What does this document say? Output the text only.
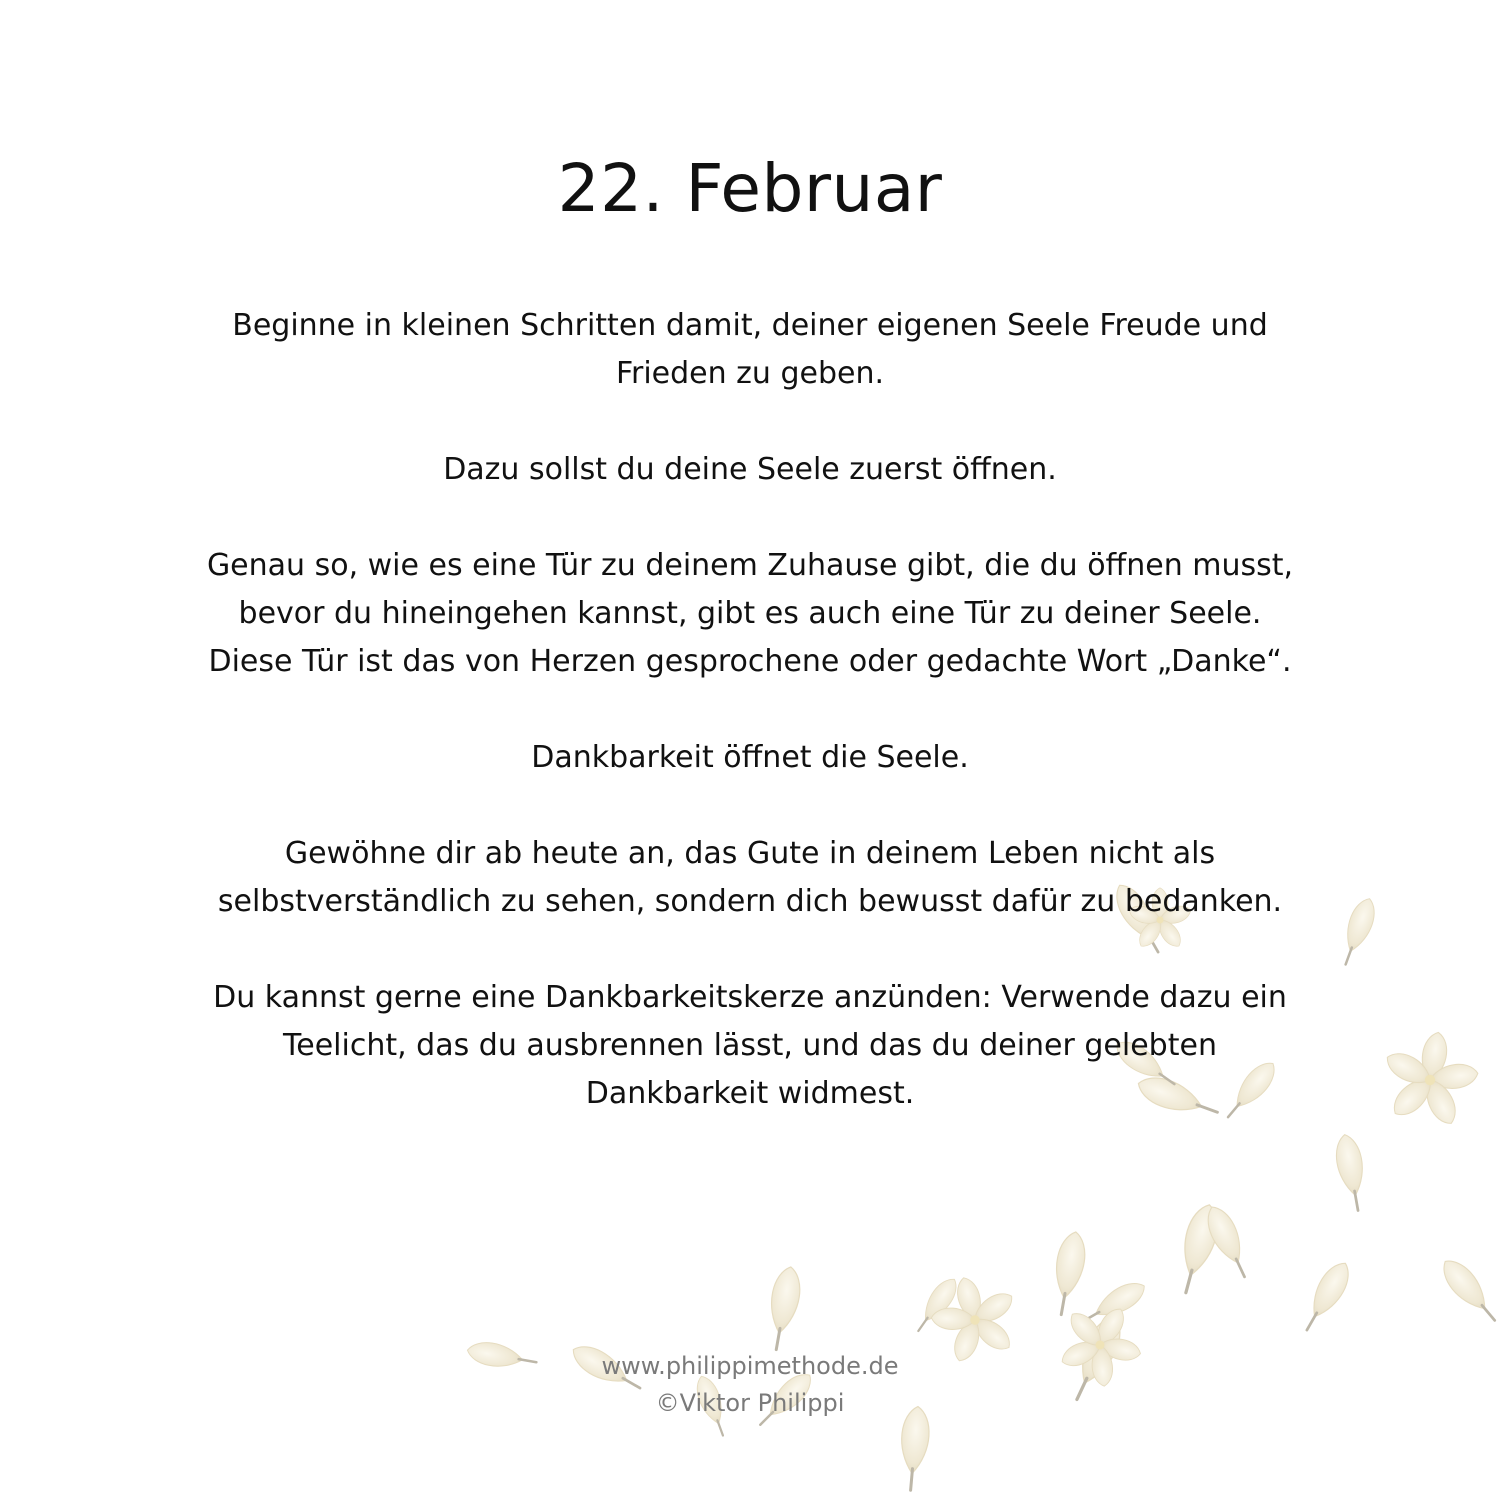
22. Februar

Beginne in kleinen Schritten damit, deiner eigenen Seele Freude und
Frieden zu geben.

Dazu sollst du deine Seele zuerst öffnen.

Genau so, wie es eine Tür zu deinem Zuhause gibt, die du öffnen musst,
bevor du hineingehen kannst, gibt es auch eine Tür zu deiner Seele.
Diese Tür ist das von Herzen gesprochene oder gedachte Wort „Danke“.

Dankbarkeit öffnet die Seele.

Gewöhne dir ab heute an, das Gute in deinem Leben nicht als
selbstverständlich zu sehen, sondern dich bewusst dafür zu bedanken.

Du kannst gerne eine Dankbarkeitskerze anzünden: Verwende dazu ein
Teelicht, das du ausbrennen lässt, und das du deiner gelebten
Dankbarkeit widmest.

www.philippimethode.de
©Viktor Philippi
